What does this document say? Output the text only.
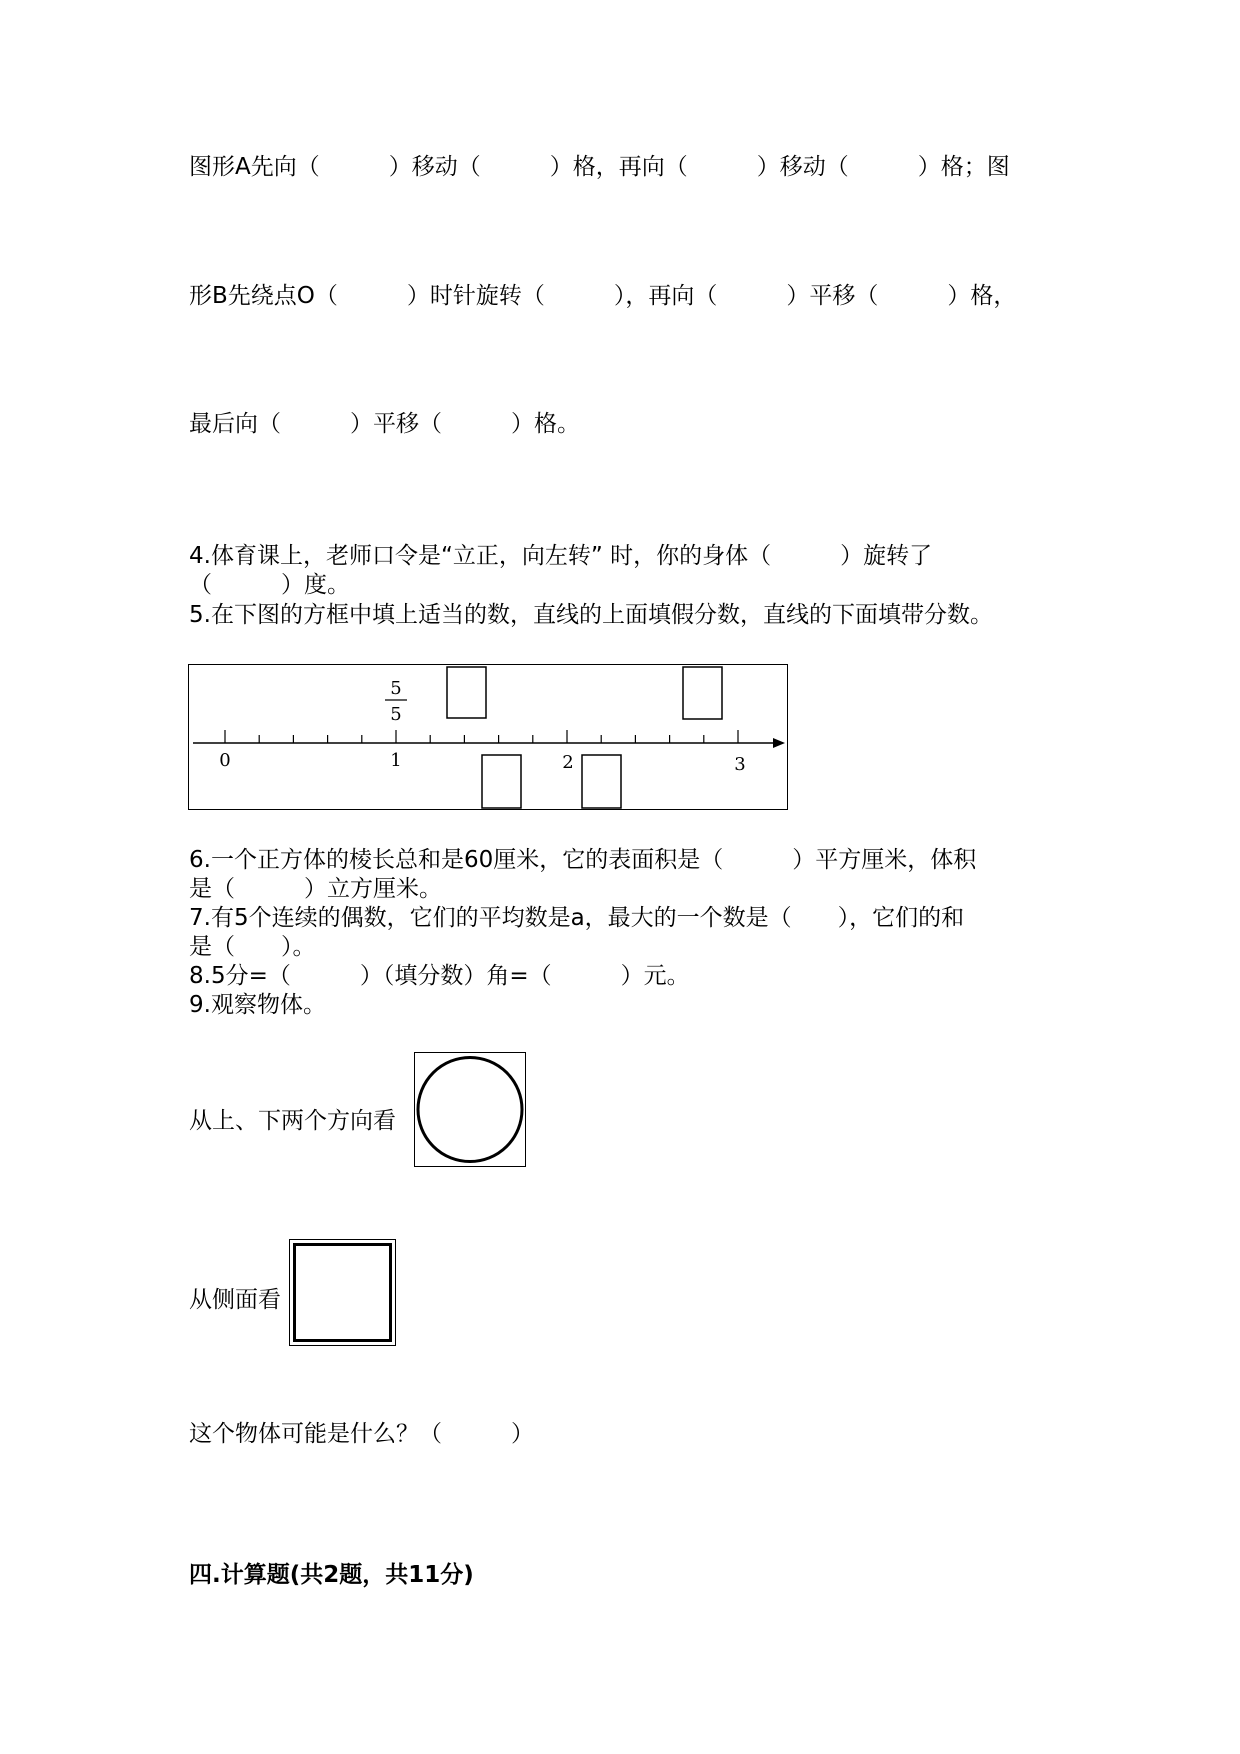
图形A先向（　　　）移动（　　　）格，再向（　　　）移动（　　　）格；图
形B先绕点O（　　　）时针旋转（　　　），再向（　　　）平移（　　　）格，
最后向（　　　）平移（　　　）格。
4.体育课上，老师口令是“立正，向左转” 时，你的身体（　　　）旋转了
（　　　）度。
5.在下图的方框中填上适当的数，直线的上面填假分数，直线的下面填带分数。
5
5
0	1	2	3
6.一个正方体的棱长总和是60厘米，它的表面积是（　　　）平方厘米，体积
是（　　　）立方厘米。
7.有5个连续的偶数，它们的平均数是a，最大的一个数是（　　），它们的和
是（　　）。
8.5分=（　　　）（填分数）角=（　　　）元。
9.观察物体。
从上、下两个方向看
从侧面看
这个物体可能是什么？（　　　）
四.计算题(共2题，共11分)
